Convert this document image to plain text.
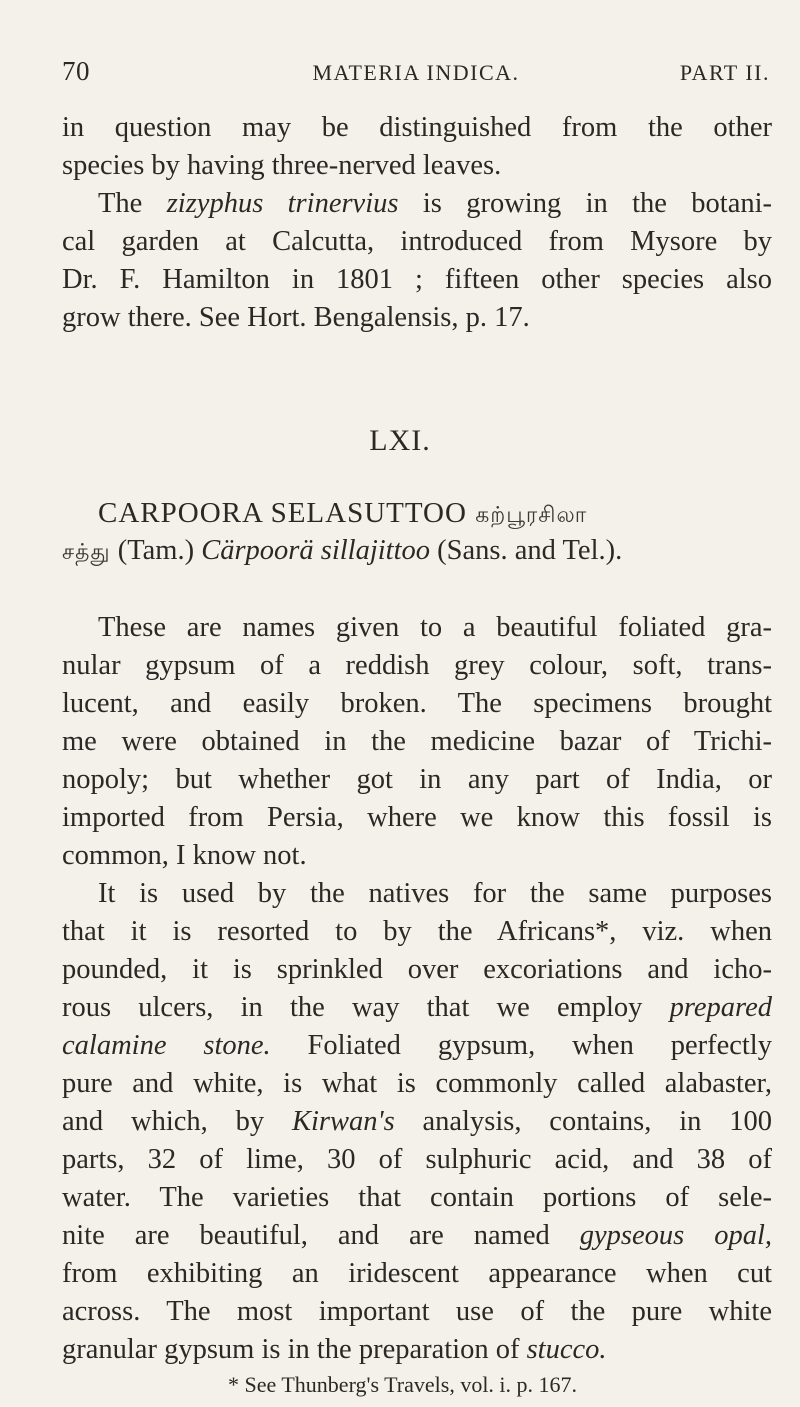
70	MATERIA INDICA.	PART II.
in question may be distinguished from the other
species by having three-nerved leaves.
The zizyphus trinervius is growing in the botani-
cal garden at Calcutta, introduced from Mysore by
Dr. F. Hamilton in 1801 ; fifteen other species also
grow there. See Hort. Bengalensis, p. 17.
LXI.
CARPOORA SELASUTTOO கற்பூரசிலா
சத்து (Tam.) Cärpoorä sillajittoo (Sans. and Tel.).
These are names given to a beautiful foliated gra-
nular gypsum of a reddish grey colour, soft, trans-
lucent, and easily broken. The specimens brought
me were obtained in the medicine bazar of Trichi-
nopoly; but whether got in any part of India, or
imported from Persia, where we know this fossil is
common, I know not.
It is used by the natives for the same purposes
that it is resorted to by the Africans*, viz. when
pounded, it is sprinkled over excoriations and icho-
rous ulcers, in the way that we employ prepared
calamine stone. Foliated gypsum, when perfectly
pure and white, is what is commonly called alabaster,
and which, by Kirwan's analysis, contains, in 100
parts, 32 of lime, 30 of sulphuric acid, and 38 of
water. The varieties that contain portions of sele-
nite are beautiful, and are named gypseous opal,
from exhibiting an iridescent appearance when cut
across. The most important use of the pure white
granular gypsum is in the preparation of stucco.
* See Thunberg's Travels, vol. i. p. 167.
